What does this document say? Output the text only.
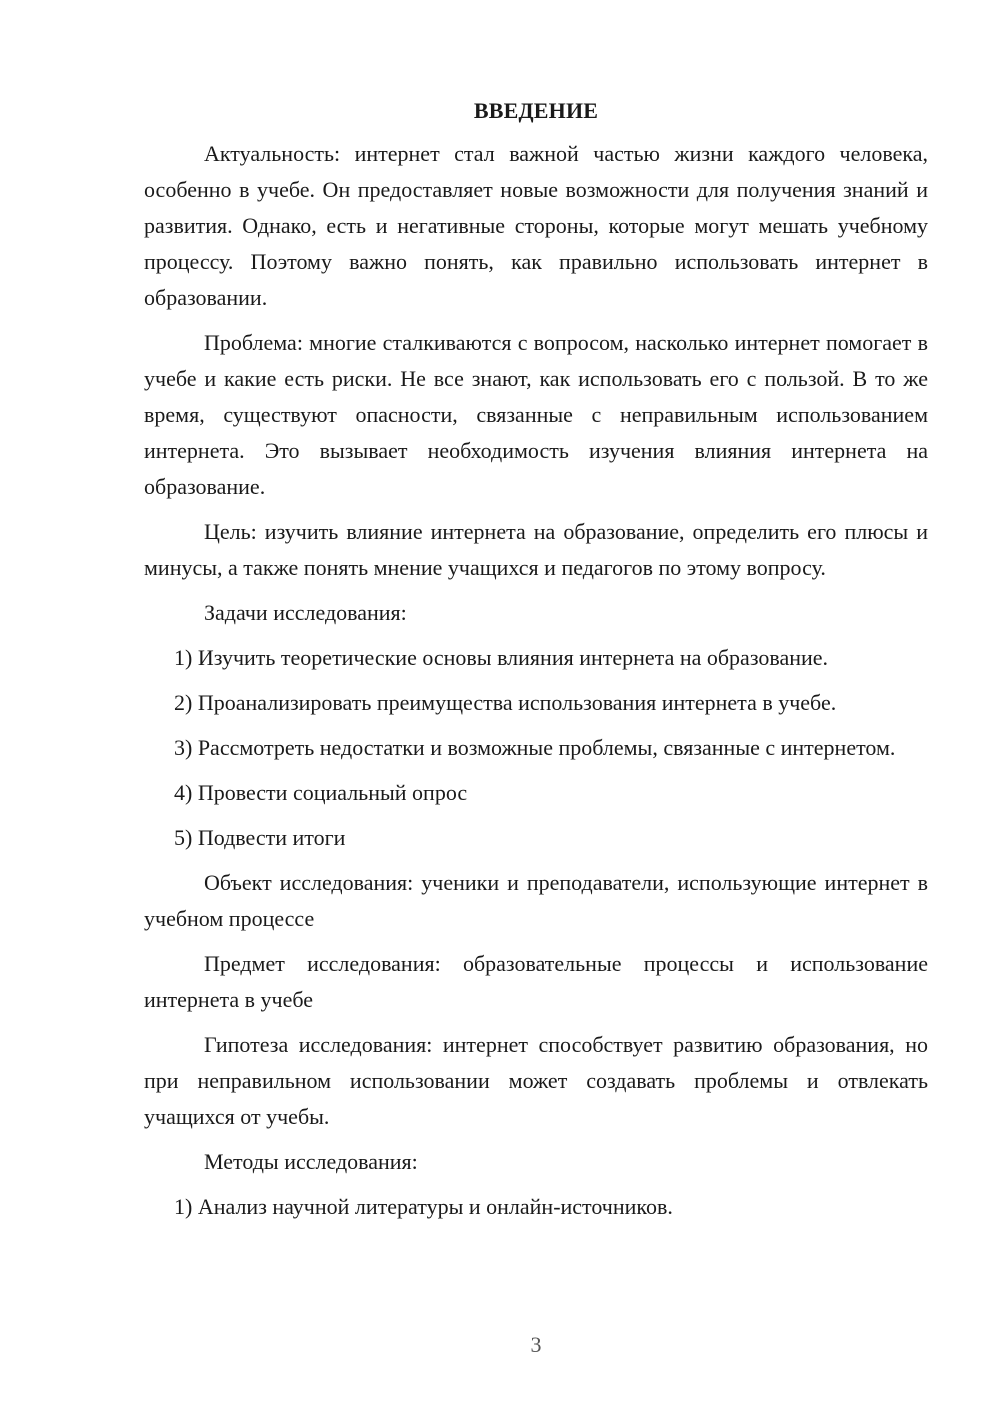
ВВЕДЕНИЕ

Актуальность: интернет стал важной частью жизни каждого человека, особенно в учебе. Он предоставляет новые возможности для получения знаний и развития. Однако, есть и негативные стороны, которые могут мешать учебному процессу. Поэтому важно понять, как правильно использовать интернет в образовании.

Проблема: многие сталкиваются с вопросом, насколько интернет помогает в учебе и какие есть риски. Не все знают, как использовать его с пользой. В то же время, существуют опасности, связанные с неправильным использованием интернета. Это вызывает необходимость изучения влияния интернета на образование.

Цель: изучить влияние интернета на образование, определить его плюсы и минусы, а также понять мнение учащихся и педагогов по этому вопросу.

Задачи исследования:

1) Изучить теоретические основы влияния интернета на образование.

2) Проанализировать преимущества использования интернета в учебе.

3) Рассмотреть недостатки и возможные проблемы, связанные с интернетом.

4) Провести социальный опрос

5) Подвести итоги

Объект исследования: ученики и преподаватели, использующие интернет в учебном процессе

Предмет исследования: образовательные процессы и использование интернета в учебе

Гипотеза исследования: интернет способствует развитию образования, но при неправильном использовании может создавать проблемы и отвлекать учащихся от учебы.

Методы исследования:

1) Анализ научной литературы и онлайн-источников.

3
